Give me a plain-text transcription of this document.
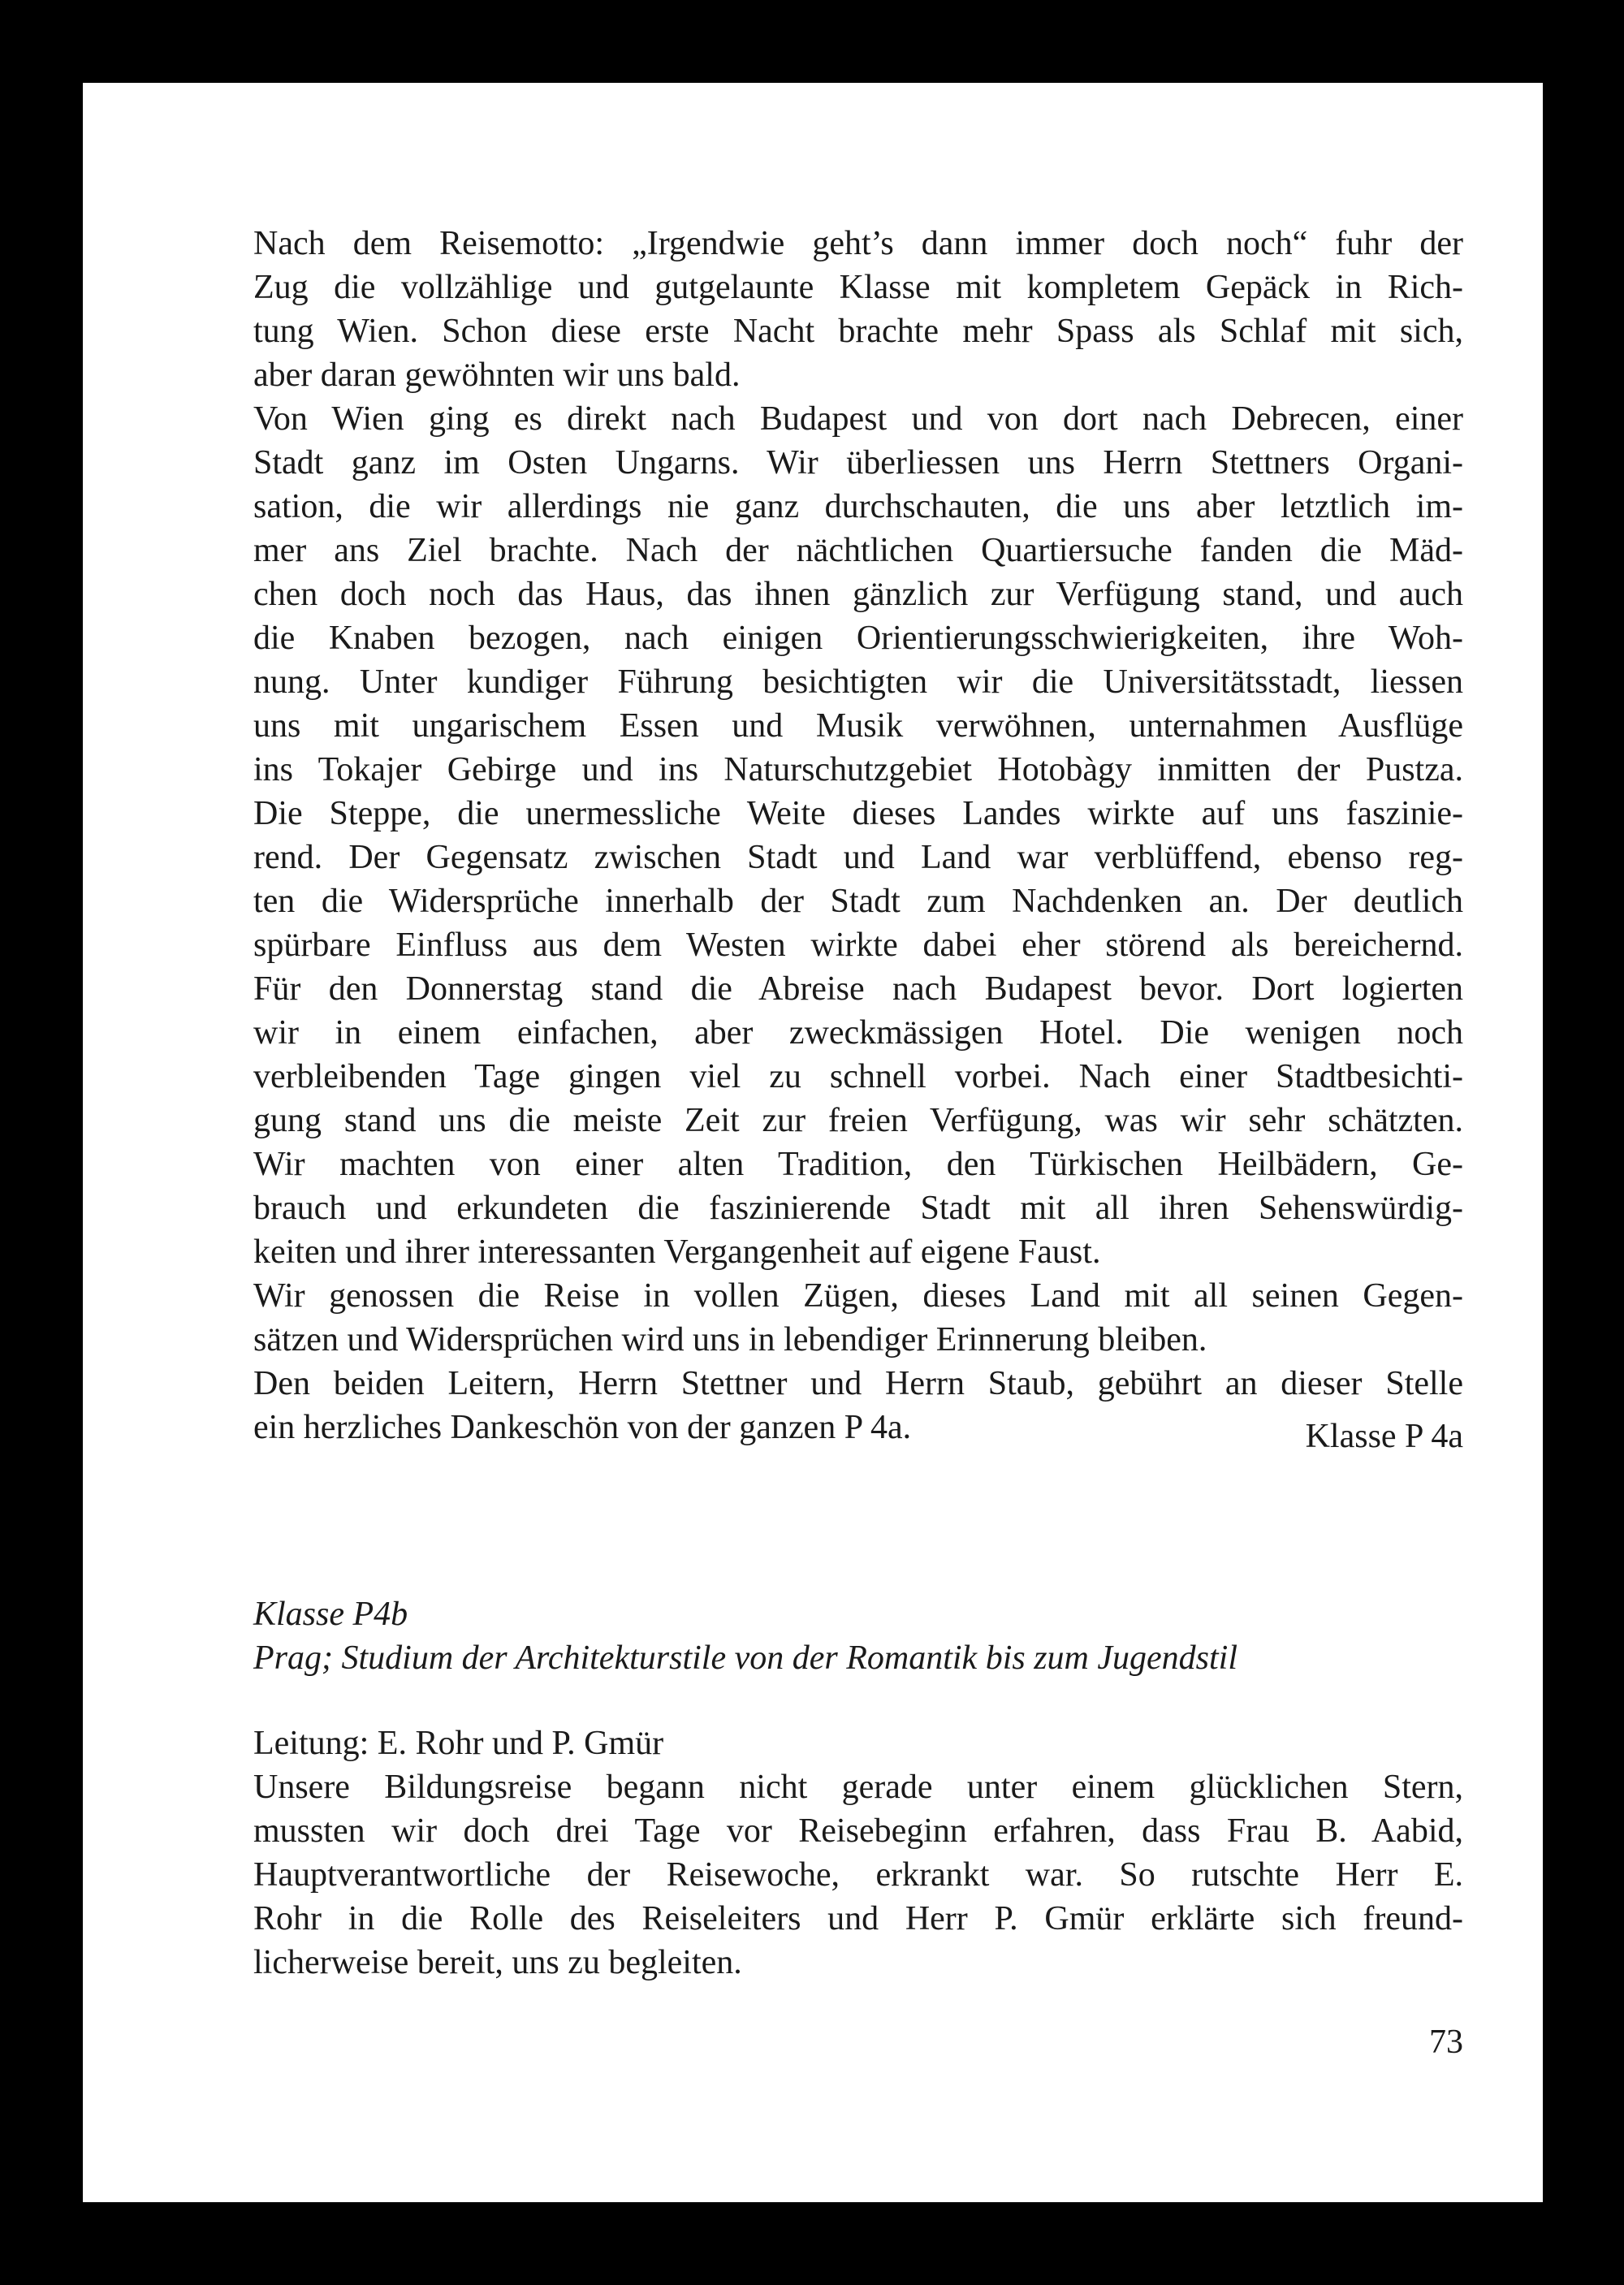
Nach dem Reisemotto: „Irgendwie geht’s dann immer doch noch“ fuhr der
Zug die vollzählige und gutgelaunte Klasse mit kompletem Gepäck in Rich-
tung Wien. Schon diese erste Nacht brachte mehr Spass als Schlaf mit sich,
aber daran gewöhnten wir uns bald.
Von Wien ging es direkt nach Budapest und von dort nach Debrecen, einer
Stadt ganz im Osten Ungarns. Wir überliessen uns Herrn Stettners Organi-
sation, die wir allerdings nie ganz durchschauten, die uns aber letztlich im-
mer ans Ziel brachte. Nach der nächtlichen Quartiersuche fanden die Mäd-
chen doch noch das Haus, das ihnen gänzlich zur Verfügung stand, und auch
die Knaben bezogen, nach einigen Orientierungsschwierigkeiten, ihre Woh-
nung. Unter kundiger Führung besichtigten wir die Universitätsstadt, liessen
uns mit ungarischem Essen und Musik verwöhnen, unternahmen Ausflüge
ins Tokajer Gebirge und ins Naturschutzgebiet Hotobàgy inmitten der Pustza.
Die Steppe, die unermessliche Weite dieses Landes wirkte auf uns faszinie-
rend. Der Gegensatz zwischen Stadt und Land war verblüffend, ebenso reg-
ten die Widersprüche innerhalb der Stadt zum Nachdenken an. Der deutlich
spürbare Einfluss aus dem Westen wirkte dabei eher störend als bereichernd.
Für den Donnerstag stand die Abreise nach Budapest bevor. Dort logierten
wir in einem einfachen, aber zweckmässigen Hotel. Die wenigen noch
verbleibenden Tage gingen viel zu schnell vorbei. Nach einer Stadtbesichti-
gung stand uns die meiste Zeit zur freien Verfügung, was wir sehr schätzten.
Wir machten von einer alten Tradition, den Türkischen Heilbädern, Ge-
brauch und erkundeten die faszinierende Stadt mit all ihren Sehenswürdig-
keiten und ihrer interessanten Vergangenheit auf eigene Faust.
Wir genossen die Reise in vollen Zügen, dieses Land mit all seinen Gegen-
sätzen und Widersprüchen wird uns in lebendiger Erinnerung bleiben.
Den beiden Leitern, Herrn Stettner und Herrn Staub, gebührt an dieser Stelle
ein herzliches Dankeschön von der ganzen P 4a.	Klasse P 4a
Klasse P4b
Prag; Studium der Architekturstile von der Romantik bis zum Jugendstil
Leitung: E. Rohr und P. Gmür
Unsere Bildungsreise begann nicht gerade unter einem glücklichen Stern,
mussten wir doch drei Tage vor Reisebeginn erfahren, dass Frau B. Aabid,
Hauptverantwortliche der Reisewoche, erkrankt war. So rutschte Herr E.
Rohr in die Rolle des Reiseleiters und Herr P. Gmür erklärte sich freund-
licherweise bereit, uns zu begleiten.
73
